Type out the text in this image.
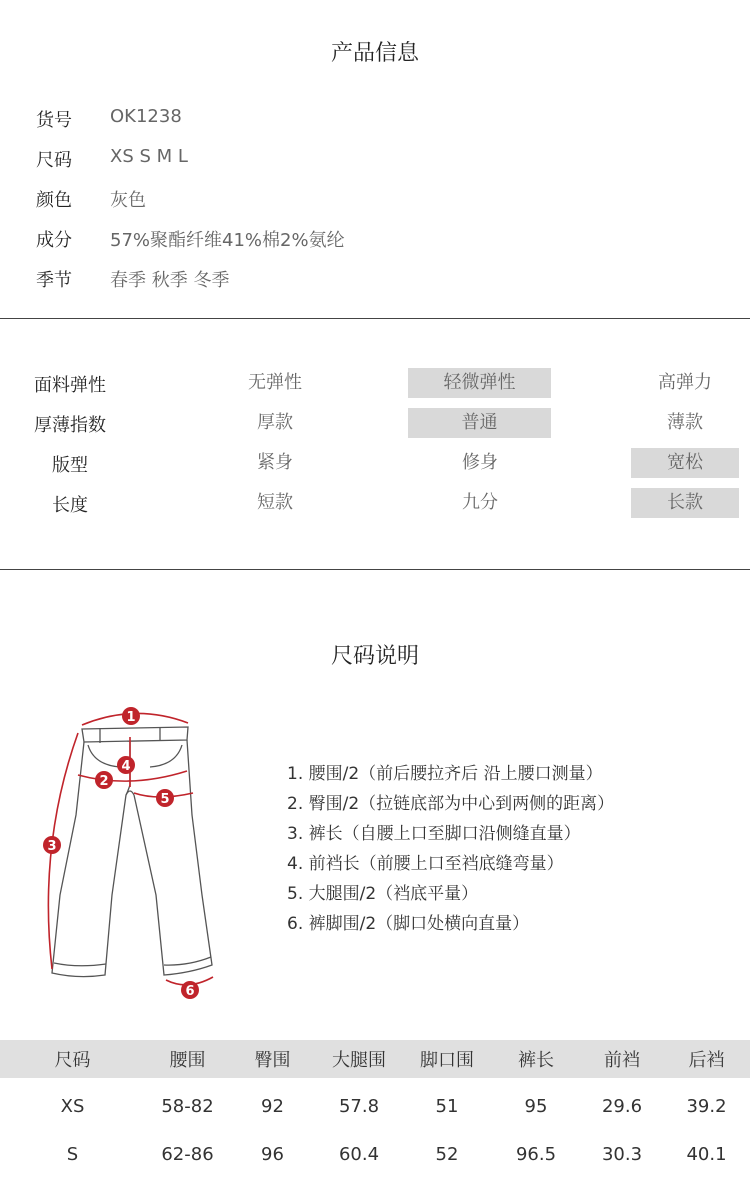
产品信息
货号	OK1238
尺码	XS S M L
颜色	灰色
成分	57%聚酯纤维41%棉2%氨纶
季节	春季 秋季 冬季
面料弹性	无弹性	轻微弹性	高弹力
厚薄指数	厚款	普通	薄款
版型	紧身	修身	宽松
长度	短款	九分	长款
尺码说明
1
2
3
4
5
6
1. 腰围/2（前后腰拉齐后 沿上腰口测量）
2. 臀围/2（拉链底部为中心到两侧的距离）
3. 裤长（自腰上口至脚口沿侧缝直量）
4. 前裆长（前腰上口至裆底缝弯量）
5. 大腿围/2（裆底平量）
6. 裤脚围/2（脚口处横向直量）
尺码	腰围	臀围	大腿围	脚口围	裤长	前裆	后裆
XS	58-82	92	57.8	51	95	29.6	39.2
S	62-86	96	60.4	52	96.5	30.3	40.1
